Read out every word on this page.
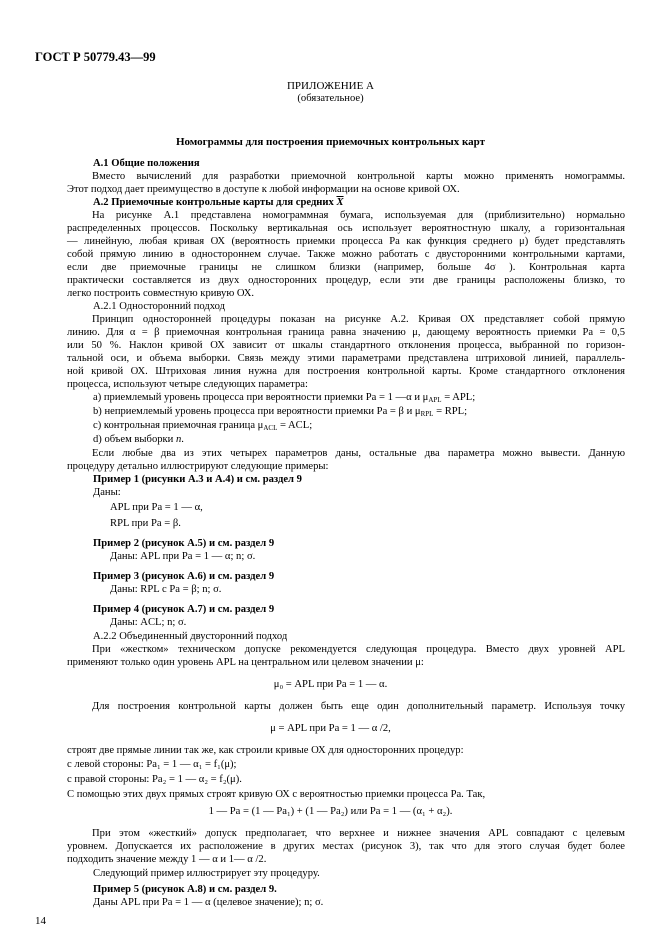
ГОСТ Р 50779.43—99
ПРИЛОЖЕНИЕ А
(обязательное)
Номограммы для построения приемочных контрольных карт
А.1 Общие положения
Вместо вычислений для разработки приемочной контрольной карты можно применять номограммы.
Этот подход дает преимущество в доступе к любой информации на основе кривой ОХ.
А.2 Приемочные контрольные карты для средних $\overline{X}$
На рисунке А.1 представлена номограммная бумага, используемая для (приблизительно) нормально
распределенных процессов. Поскольку вертикальная ось использует вероятностную шкалу, а горизонтальная
— линейную, любая кривая ОХ (вероятность приемки процесса Ра как функция среднего μ) будет представлять
собой прямую линию в одностороннем случае. Также можно работать с двусторонними контрольными картами,
если две приемочные границы не слишком близки (например, больше 4σ ). Контрольная карта
практически составляется из двух односторонних процедур, если эти две границы расположены близко, то
легко построить совместную кривую ОХ.
А.2.1 Односторонний подход
Принцип односторонней процедуры показан на рисунке А.2. Кривая ОХ представляет собой прямую
линию. Для α = β приемочная контрольная граница равна значению μ, дающему вероятность приемки Ра = 0,5
или 50 %. Наклон кривой ОХ зависит от шкалы стандартного отклонения процесса, выбранной по горизон-
тальной оси, и объема выборки. Связь между этими параметрами представлена штриховой линией, параллель-
ной кривой ОХ. Штриховая линия нужна для построения контрольной карты. Кроме стандартного отклонения
процесса, используют четыре следующих параметра:
a) приемлемый уровень процесса при вероятности приемки Ра = 1 —α и $\mu_{APL}$ = APL;
b) неприемлемый уровень процесса при вероятности приемки Ра = β и $\mu_{RPL}$ = RPL;
c) контрольная приемочная граница $\mu_{ACL}$ = ACL;
d) объем выборки n.
Если любые два из этих четырех параметров даны, остальные два параметра можно вывести. Данную
процедуру детально иллюстрируют следующие примеры:
Пример 1 (рисунки А.3 и А.4) и см. раздел 9
Даны:
APL при Ра = 1 — α,
RPL при Ра = β.
Пример 2 (рисунок А.5) и см. раздел 9
Даны: APL при Ра = 1 — α; n; σ.
Пример 3 (рисунок А.6) и см. раздел 9
Даны: RPL с Ра = β; n; σ.
Пример 4 (рисунок А.7) и см. раздел 9
Даны: ACL; n; σ.
А.2.2 Объединенный двусторонний подход
При «жестком» техническом допуске рекомендуется следующая процедура. Вместо двух уровней APL
применяют только один уровень APL на центральном или целевом значении μ:
μ₀ = APL при Ра = 1 — α.
Для построения контрольной карты должен быть еще один дополнительный параметр. Используя точку
μ = APL при Ра = 1 — α /2,
строят две прямые линии так же, как строили кривые ОХ для односторонних процедур:
с левой стороны: Ра₁ = 1 — α₁ = f₁(μ);
с правой стороны: Ра₂ = 1 — α₂ = f₂(μ).
С помощью этих двух прямых строят кривую ОХ с вероятностью приемки процесса Ра. Так,
1 — Ра = (1 — Ра₁) + (1 — Ра₂) или Ра = 1 — (α₁ + α₂).
При этом «жесткий» допуск предполагает, что верхнее и нижнее значения APL совпадают с целевым
уровнем. Допускается их расположение в других местах (рисунок 3), так что для этого случая будет более
подходить значение между 1 — α и 1— α /2.
Следующий пример иллюстрирует эту процедуру.
Пример 5 (рисунок А.8) и см. раздел 9.
Даны APL при Ра = 1 — α (целевое значение); n; σ.
14
